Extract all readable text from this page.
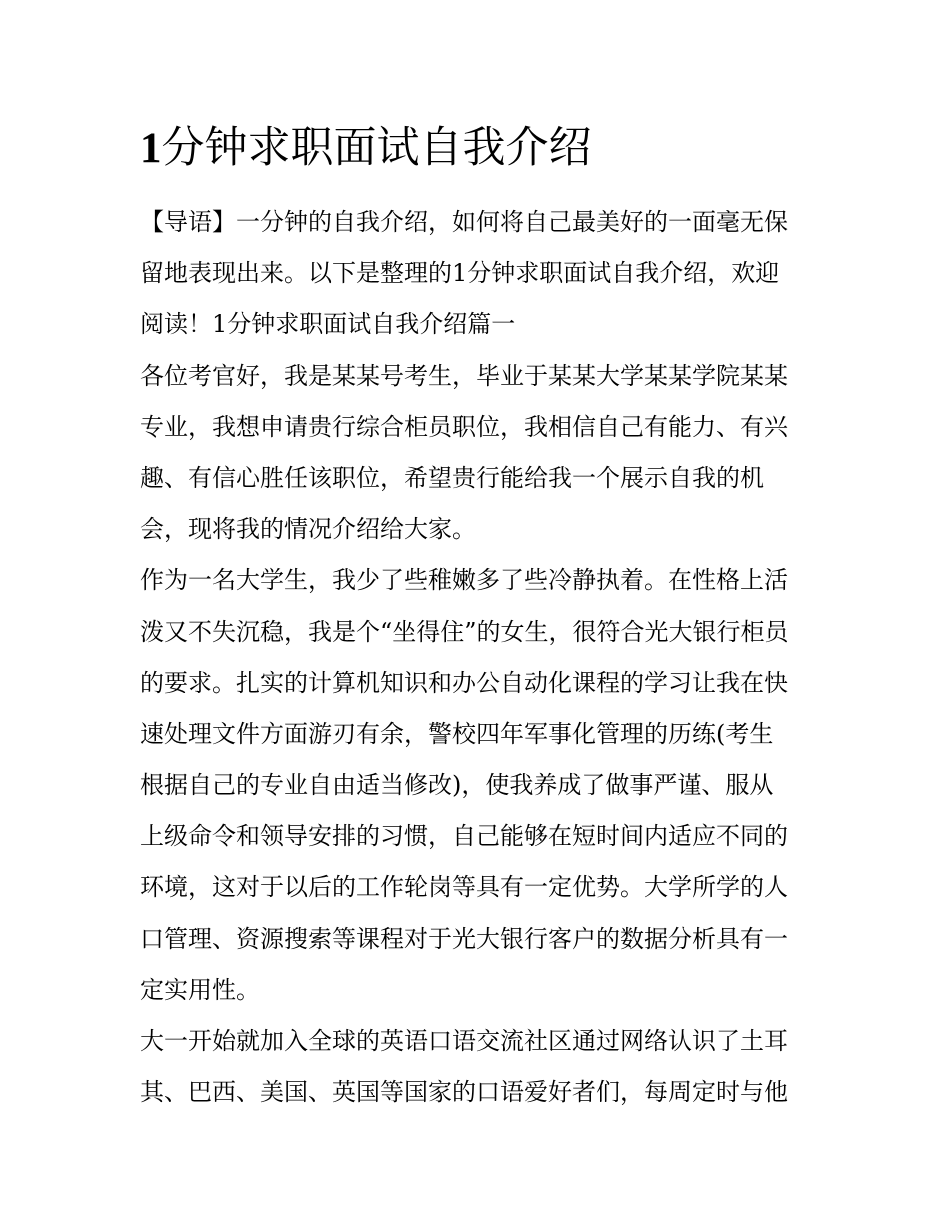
1分钟求职面试自我介绍
【导语】一分钟的自我介绍，如何将自己最美好的一面毫无保
留地表现出来。以下是整理的1分钟求职面试自我介绍，欢迎
阅读！1分钟求职面试自我介绍篇一
各位考官好，我是某某号考生，毕业于某某大学某某学院某某
专业，我想申请贵行综合柜员职位，我相信自己有能力、有兴
趣、有信心胜任该职位，希望贵行能给我一个展示自我的机
会，现将我的情况介绍给大家。
作为一名大学生，我少了些稚嫩多了些冷静执着。在性格上活
泼又不失沉稳，我是个“坐得住”的女生，很符合光大银行柜员
的要求。扎实的计算机知识和办公自动化课程的学习让我在快
速处理文件方面游刃有余，警校四年军事化管理的历练(考生
根据自己的专业自由适当修改)，使我养成了做事严谨、服从
上级命令和领导安排的习惯，自己能够在短时间内适应不同的
环境，这对于以后的工作轮岗等具有一定优势。大学所学的人
口管理、资源搜索等课程对于光大银行客户的数据分析具有一
定实用性。
大一开始就加入全球的英语口语交流社区通过网络认识了土耳
其、巴西、美国、英国等国家的口语爱好者们，每周定时与他
